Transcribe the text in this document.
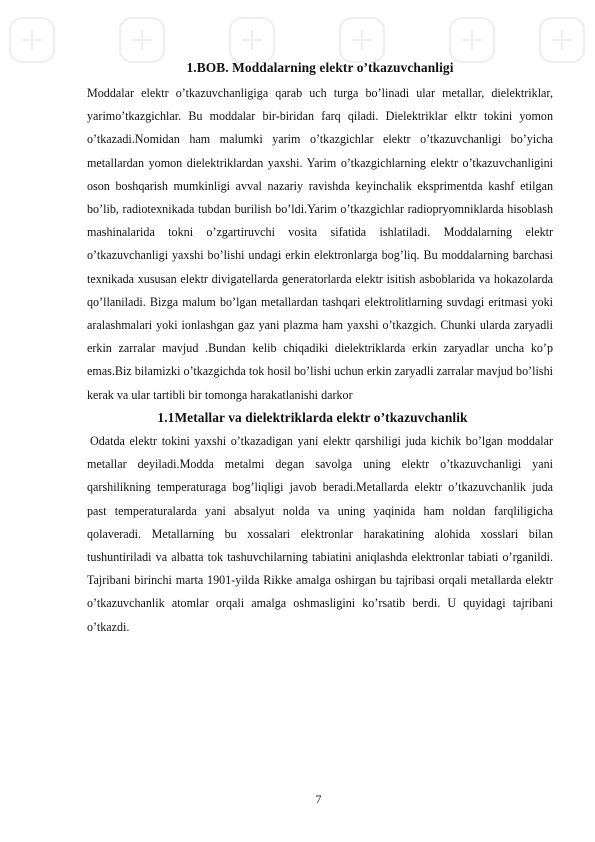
1.BOB. Moddalarning elektr o’tkazuvchanligi

Moddalar elektr o’tkazuvchanligiga qarab uch turga bo’linadi ular metallar, dielektriklar, yarimo’tkazgichlar. Bu moddalar bir-biridan farq qiladi. Dielektriklar elktr tokini yomon o’tkazadi.Nomidan ham malumki yarim o’tkazgichlar elektr o’tkazuvchanligi bo’yicha metallardan yomon dielektriklardan yaxshi. Yarim o’tkazgichlarning elektr o’tkazuvchanligini oson boshqarish mumkinligi avval nazariy ravishda keyinchalik eksprimentda kashf etilgan bo’lib, radiotexnikada tubdan burilish bo’ldi.Yarim o’tkazgichlar radiopryomniklarda hisoblash mashinalarida tokni o’zgartiruvchi vosita sifatida ishlatiladi. Moddalarning elektr o’tkazuvchanligi yaxshi bo’lishi undagi erkin elektronlarga bog’liq. Bu moddalarning barchasi texnikada xususan elektr divigatellarda generatorlarda elektr isitish asboblarida va hokazolarda qo’llaniladi. Bizga malum bo’lgan metallardan tashqari elektrolitlarning suvdagi eritmasi yoki aralashmalari yoki ionlashgan gaz yani plazma ham yaxshi o’tkazgich. Chunki ularda zaryadli erkin zarralar mavjud .Bundan kelib chiqadiki dielektriklarda erkin zaryadlar uncha ko’p emas.Biz bilamizki o’tkazgichda tok hosil bo’lishi uchun erkin zaryadli zarralar mavjud bo’lishi kerak va ular tartibli bir tomonga harakatlanishi darkor

1.1Metallar va dielektriklarda elektr o’tkazuvchanlik

Odatda elektr tokini yaxshi o’tkazadigan yani elektr qarshiligi juda kichik bo’lgan moddalar metallar deyiladi.Modda metalmi degan savolga uning elektr o’tkazuvchanligi yani qarshilikning temperaturaga bog’liqligi javob beradi.Metallarda elektr o’tkazuvchanlik juda past temperaturalarda yani absalyut nolda va uning yaqinida ham noldan farqliligicha qolaveradi. Metallarning bu xossalari elektronlar harakatining alohida xosslari bilan tushuntiriladi va albatta tok tashuvchilarning tabiatini aniqlashda elektronlar tabiati o’rganildi. Tajribani birinchi marta 1901-yilda Rikke amalga oshirgan bu tajribasi orqali metallarda elektr o’tkazuvchanlik atomlar orqali amalga oshmasligini ko’rsatib berdi. U quyidagi tajribani o’tkazdi.

7
